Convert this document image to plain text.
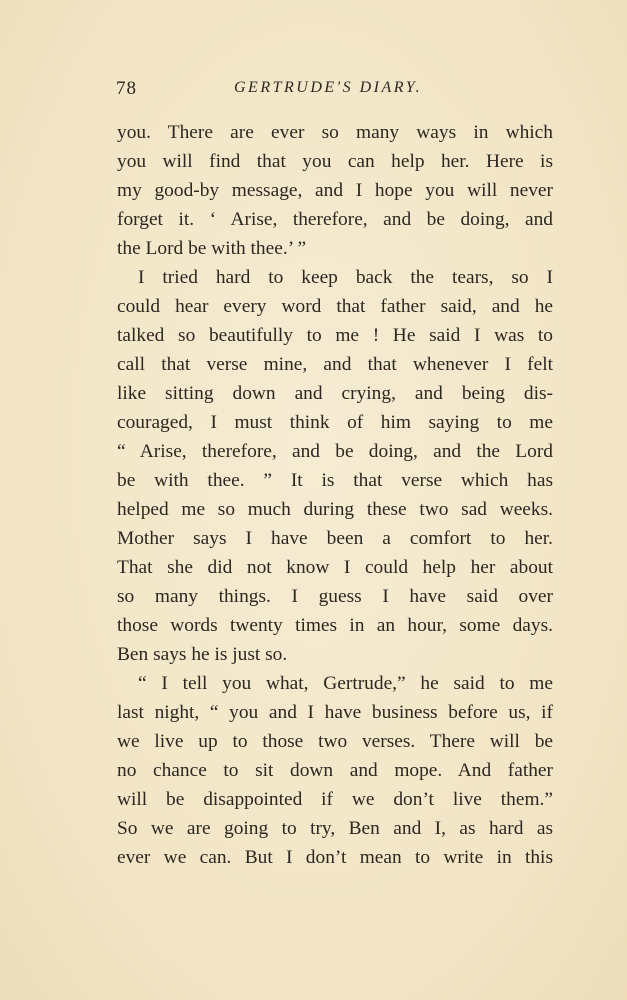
78	GERTRUDE'S DIARY.
you. There are ever so many ways in which
you will find that you can help her. Here is
my good-by message, and I hope you will never
forget it. ‘ Arise, therefore, and be doing, and
the Lord be with thee.’ ”
I tried hard to keep back the tears, so I
could hear every word that father said, and he
talked so beautifully to me ! He said I was to
call that verse mine, and that whenever I felt
like sitting down and crying, and being dis-
couraged, I must think of him saying to me
“ Arise, therefore, and be doing, and the Lord
be with thee. ” It is that verse which has
helped me so much during these two sad weeks.
Mother says I have been a comfort to her.
That she did not know I could help her about
so many things. I guess I have said over
those words twenty times in an hour, some days.
Ben says he is just so.
“ I tell you what, Gertrude,” he said to me
last night, “ you and I have business before us, if
we live up to those two verses. There will be
no chance to sit down and mope. And father
will be disappointed if we don’t live them.”
So we are going to try, Ben and I, as hard as
ever we can. But I don’t mean to write in this
